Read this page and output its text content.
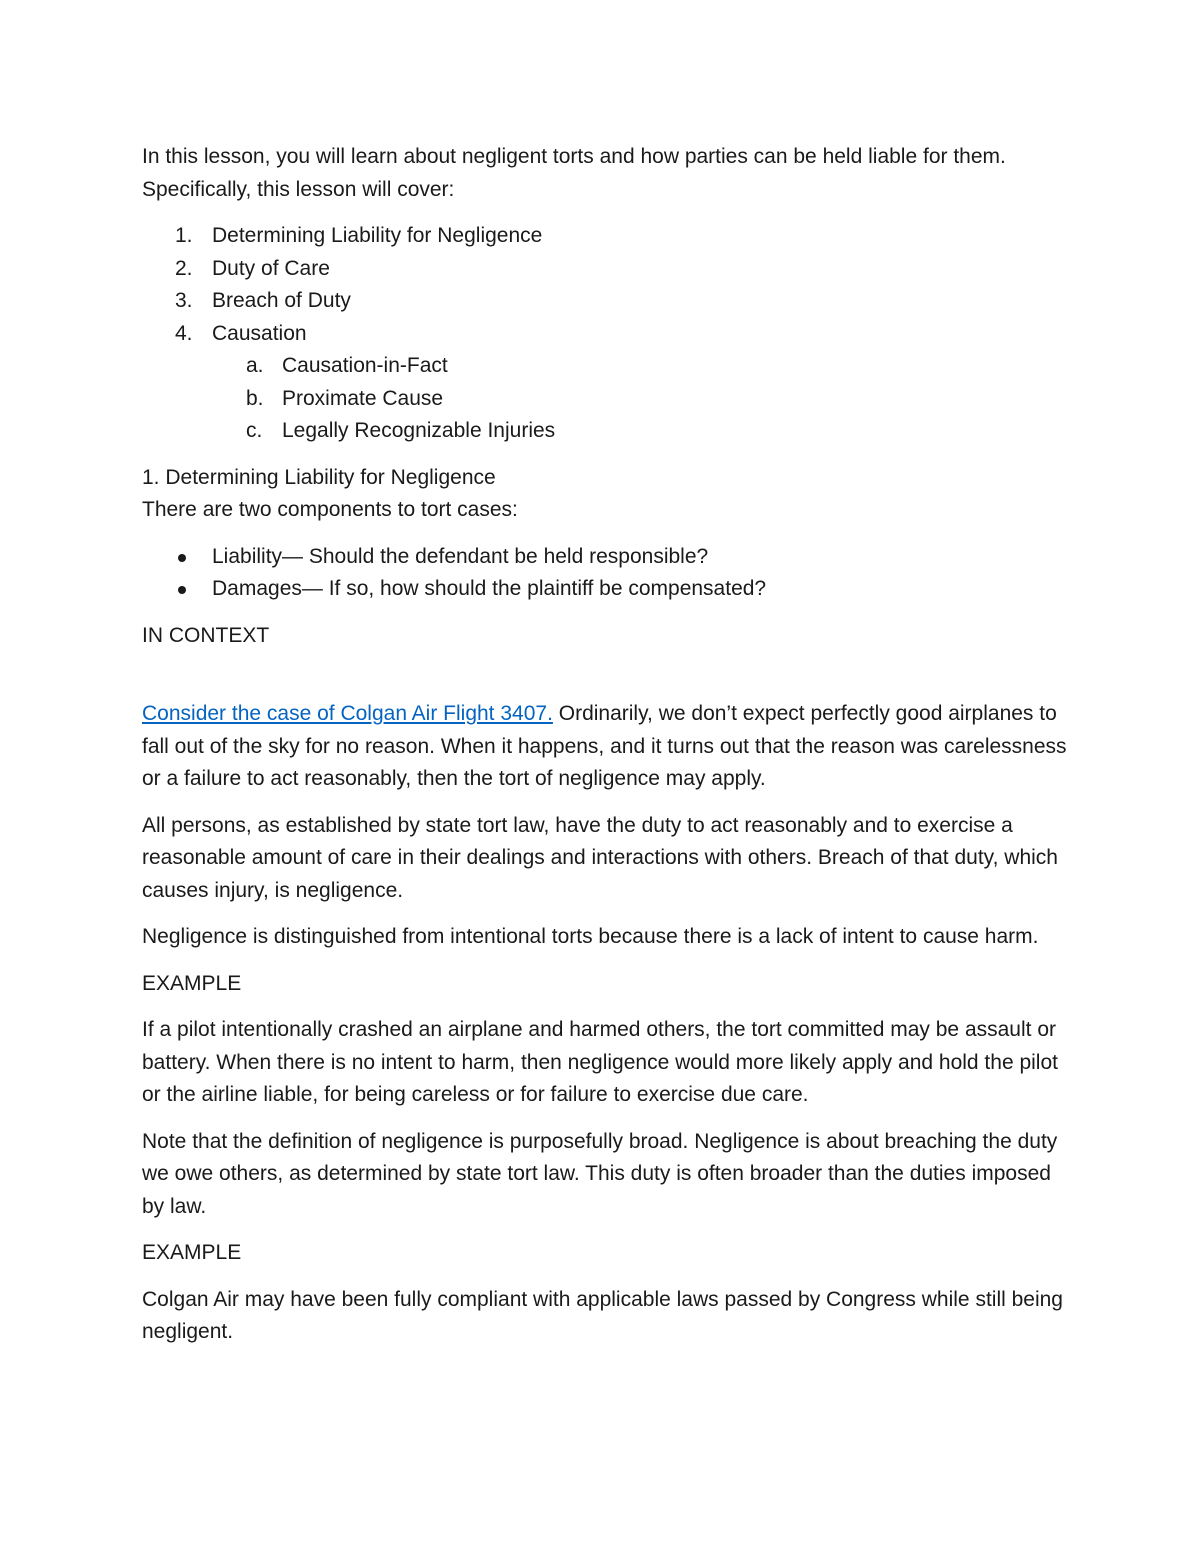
In this lesson, you will learn about negligent torts and how parties can be held liable for them. Specifically, this lesson will cover:

1. Determining Liability for Negligence
2. Duty of Care
3. Breach of Duty
4. Causation
a. Causation-in-Fact
b. Proximate Cause
c. Legally Recognizable Injuries

1. Determining Liability for Negligence

There are two components to tort cases:

Liability— Should the defendant be held responsible?
Damages— If so, how should the plaintiff be compensated?

IN CONTEXT

Consider the case of Colgan Air Flight 3407. Ordinarily, we don’t expect perfectly good airplanes to fall out of the sky for no reason. When it happens, and it turns out that the reason was carelessness or a failure to act reasonably, then the tort of negligence may apply.

All persons, as established by state tort law, have the duty to act reasonably and to exercise a reasonable amount of care in their dealings and interactions with others. Breach of that duty, which causes injury, is negligence.

Negligence is distinguished from intentional torts because there is a lack of intent to cause harm.

EXAMPLE

If a pilot intentionally crashed an airplane and harmed others, the tort committed may be assault or battery. When there is no intent to harm, then negligence would more likely apply and hold the pilot or the airline liable, for being careless or for failure to exercise due care.

Note that the definition of negligence is purposefully broad. Negligence is about breaching the duty we owe others, as determined by state tort law. This duty is often broader than the duties imposed by law.

EXAMPLE

Colgan Air may have been fully compliant with applicable laws passed by Congress while still being negligent.
